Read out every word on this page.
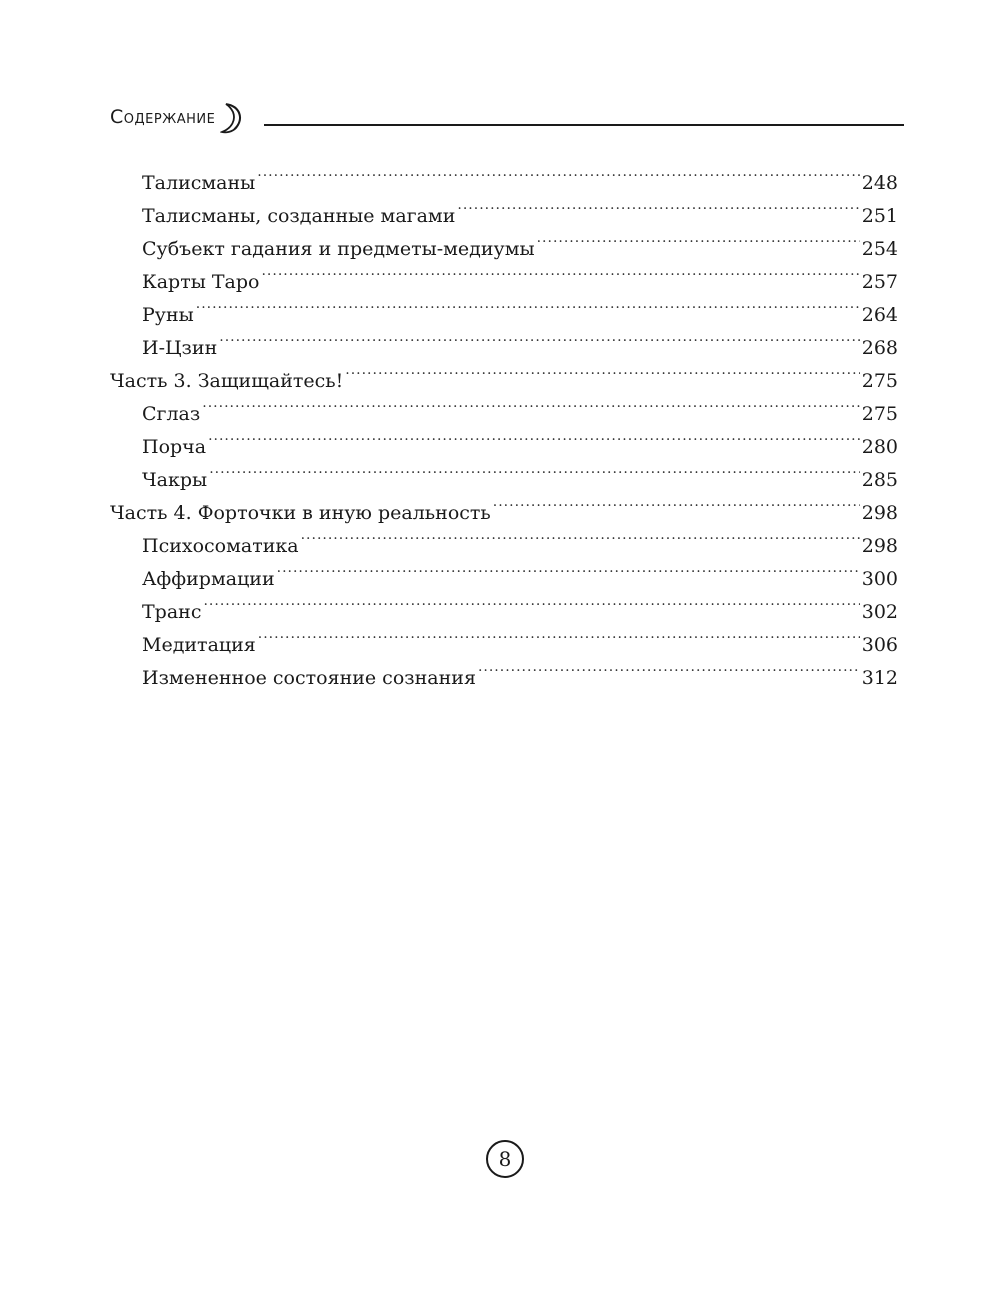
Содержание
Талисманы .....	248
Талисманы, созданные магами .....	251
Субъект гадания и предметы-медиумы .....	254
Карты Таро .....	257
Руны .....	264
И-Цзин .....	268
Часть 3. Защищайтесь! .....	275
Сглаз .....	275
Порча .....	280
Чакры .....	285
Часть 4. Форточки в иную реальность .....	298
Психосоматика .....	298
Аффирмации .....	300
Транс .....	302
Медитация .....	306
Измененное состояние сознания .....	312
8
